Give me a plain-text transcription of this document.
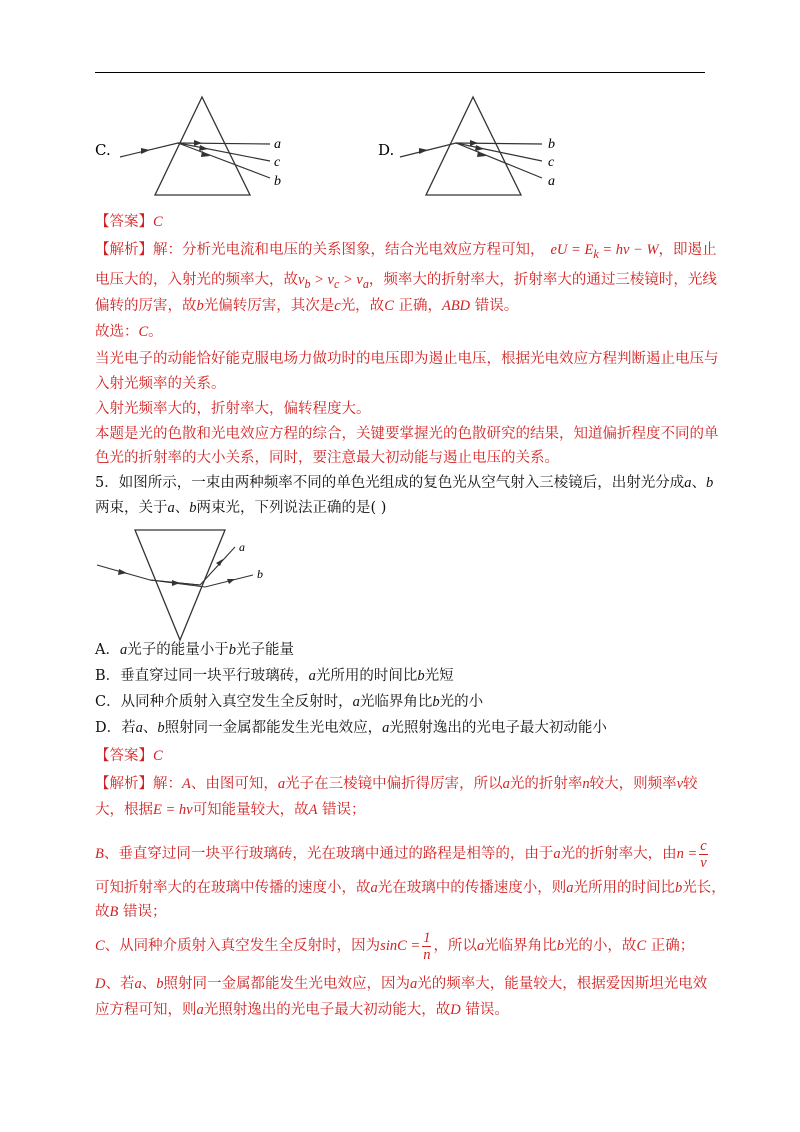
C.	a
c
b
D.	b
c
a
【答案】C
【解析】解：分析光电流和电压的关系图象，结合光电效应方程可知， eU = $E_k = h\nu - W$，即遏止
电压大的，入射光的频率大，故$\nu_b > \nu_c > \nu_a$，频率大的折射率大，折射率大的通过三棱镜时，光线
偏转的厉害，故b光偏转厉害，其次是c光，故C 正确，ABD 错误。
故选：C。
当光电子的动能恰好能克服电场力做功时的电压即为遏止电压，根据光电效应方程判断遏止电压与
入射光频率的关系。
入射光频率大的，折射率大，偏转程度大。
本题是光的色散和光电效应方程的综合，关键要掌握光的色散研究的结果，知道偏折程度不同的单
色光的折射率的大小关系，同时，要注意最大初动能与遏止电压的关系。
5．如图所示，一束由两种频率不同的单色光组成的复色光从空气射入三棱镜后，出射光分成a、b
两束，关于a、b两束光，下列说法正确的是( )
a
b
A．a光子的能量小于b光子能量
B．垂直穿过同一块平行玻璃砖，a光所用的时间比b光短
C．从同种介质射入真空发生全反射时，a光临界角比b光的小
D．若a、b照射同一金属都能发生光电效应，a光照射逸出的光电子最大初动能小
【答案】C
【解析】解：A、由图可知，a光子在三棱镜中偏折得厉害，所以a光的折射率n较大，则频率ν较
大，根据E = hν可知能量较大，故A 错误；
B、垂直穿过同一块平行玻璃砖，光在玻璃中通过的路程是相等的，由于a光的折射率大，由$n = \frac{c}{v}$
可知折射率大的在玻璃中传播的速度小，故a光在玻璃中的传播速度小，则a光所用的时间比b光长，
故B 错误；
C、从同种介质射入真空发生全反射时，因为$\sin C = \frac{1}{n}$ ，所以a光临界角比b光的小，故C 正确；
D、若a、b照射同一金属都能发生光电效应，因为a光的频率大，能量较大，根据爱因斯坦光电效
应方程可知，则a光照射逸出的光电子最大初动能大，故D 错误。
